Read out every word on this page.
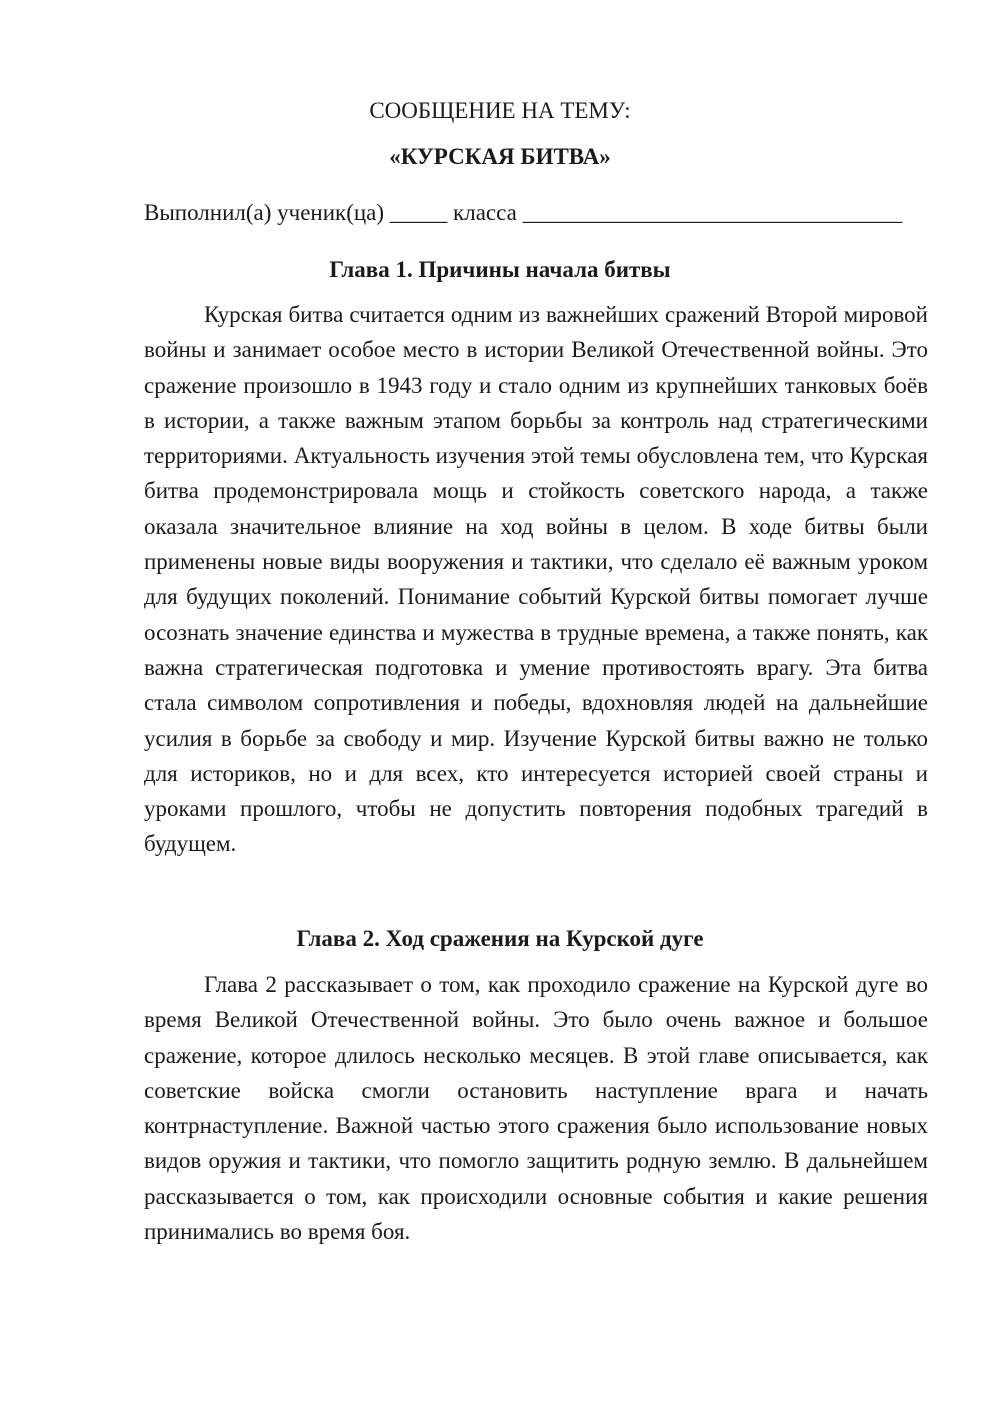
СООБЩЕНИЕ НА ТЕМУ:
«КУРСКАЯ БИТВА»
Выполнил(а) ученик(ца) _____ класса _________________________________
Глава 1. Причины начала битвы

Курская битва считается одним из важнейших сражений Второй мировой войны и занимает особое место в истории Великой Отечественной войны. Это сражение произошло в 1943 году и стало одним из крупнейших танковых боёв в истории, а также важным этапом борьбы за контроль над стратегическими территориями. Актуальность изучения этой темы обусловлена тем, что Курская битва продемонстрировала мощь и стойкость советского народа, а также оказала значительное влияние на ход войны в целом. В ходе битвы были применены новые виды вооружения и тактики, что сделало её важным уроком для будущих поколений. Понимание событий Курской битвы помогает лучше осознать значение единства и мужества в трудные времена, а также понять, как важна стратегическая подготовка и умение противостоять врагу. Эта битва стала символом сопротивления и победы, вдохновляя людей на дальнейшие усилия в борьбе за свободу и мир. Изучение Курской битвы важно не только для историков, но и для всех, кто интересуется историей своей страны и уроками прошлого, чтобы не допустить повторения подобных трагедий в будущем.

Глава 2. Ход сражения на Курской дуге

Глава 2 рассказывает о том, как проходило сражение на Курской дуге во время Великой Отечественной войны. Это было очень важное и большое сражение, которое длилось несколько месяцев. В этой главе описывается, как советские войска смогли остановить наступление врага и начать контрнаступление. Важной частью этого сражения было использование новых видов оружия и тактики, что помогло защитить родную землю. В дальнейшем рассказывается о том, как происходили основные события и какие решения принимались во время боя.
